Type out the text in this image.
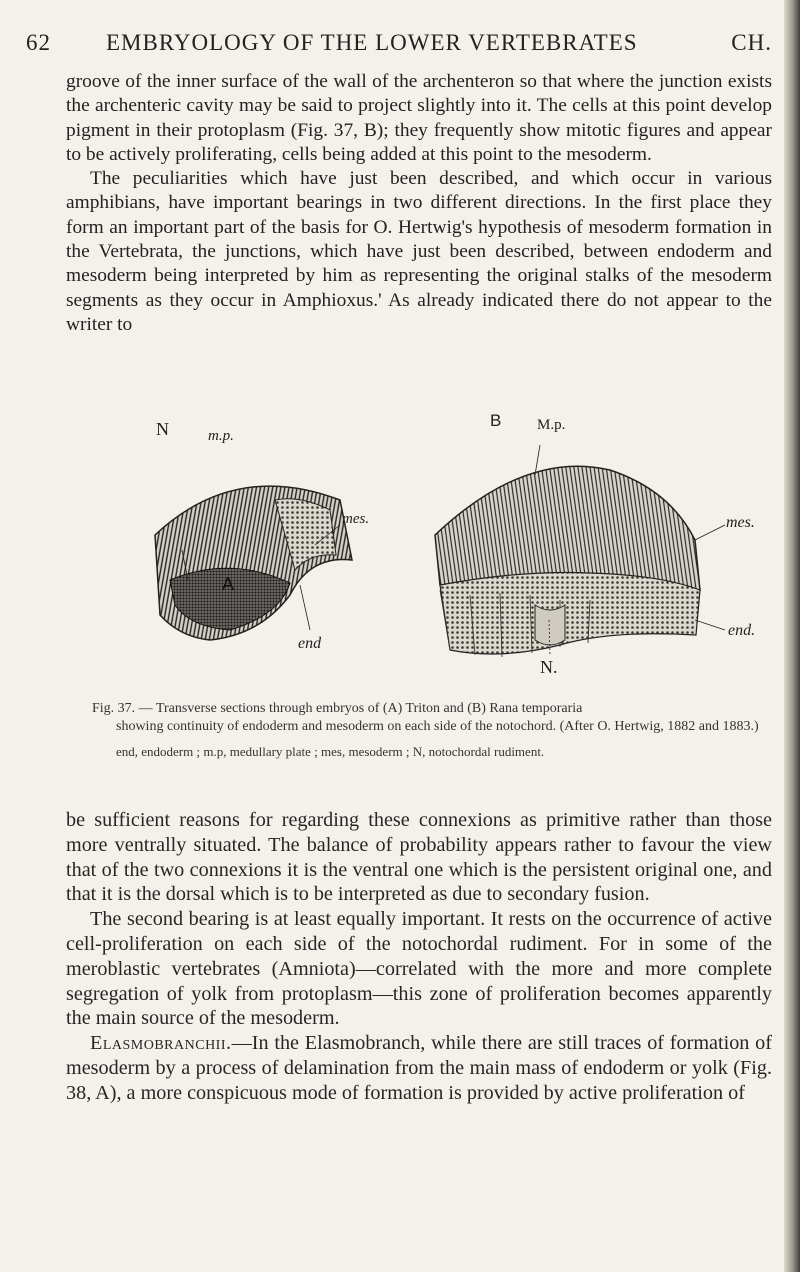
62 EMBRYOLOGY OF THE LOWER VERTEBRATES	CH.

groove of the inner surface of the wall of the archenteron so that where the junction exists the archenteric cavity may be said to project slightly into it. The cells at this point develop pigment in their protoplasm (Fig. 37, B); they frequently show mitotic figures and appear to be actively proliferating, cells being added at this point to the mesoderm.

The peculiarities which have just been described, and which occur in various amphibians, have important bearings in two different directions. In the first place they form an important part of the basis for O. Hertwig's hypothesis of mesoderm formation in the Vertebrata, the junctions, which have just been described, between endoderm and mesoderm being interpreted by him as representing the original stalks of the mesoderm segments as they occur in Amphioxus.' As already indicated there do not appear to the writer to

N	m.p.
mes.
A
end
B M.p.
mes.
end.
N.

Fig. 37. — Transverse sections through embryos of (A) Triton and (B) Rana temporaria

showing continuity of endoderm and mesoderm on each side of the notochord. (After O. Hertwig, 1882 and 1883.)

end, endoderm ; m.p, medullary plate ; mes, mesoderm ; N, notochordal rudiment.

be sufficient reasons for regarding these connexions as primitive rather than those more ventrally situated. The balance of probability appears rather to favour the view that of the two connexions it is the ventral one which is the persistent original one, and that it is the dorsal which is to be interpreted as due to secondary fusion.

The second bearing is at least equally important. It rests on the occurrence of active cell-proliferation on each side of the notochordal rudiment. For in some of the meroblastic vertebrates (Amniota)—correlated with the more and more complete segregation of yolk from protoplasm—this zone of proliferation becomes apparently the main source of the mesoderm.

Elasmobranchii.—In the Elasmobranch, while there are still traces of formation of mesoderm by a process of delamination from the main mass of endoderm or yolk (Fig. 38, A), a more conspicuous mode of formation is provided by active proliferation of
